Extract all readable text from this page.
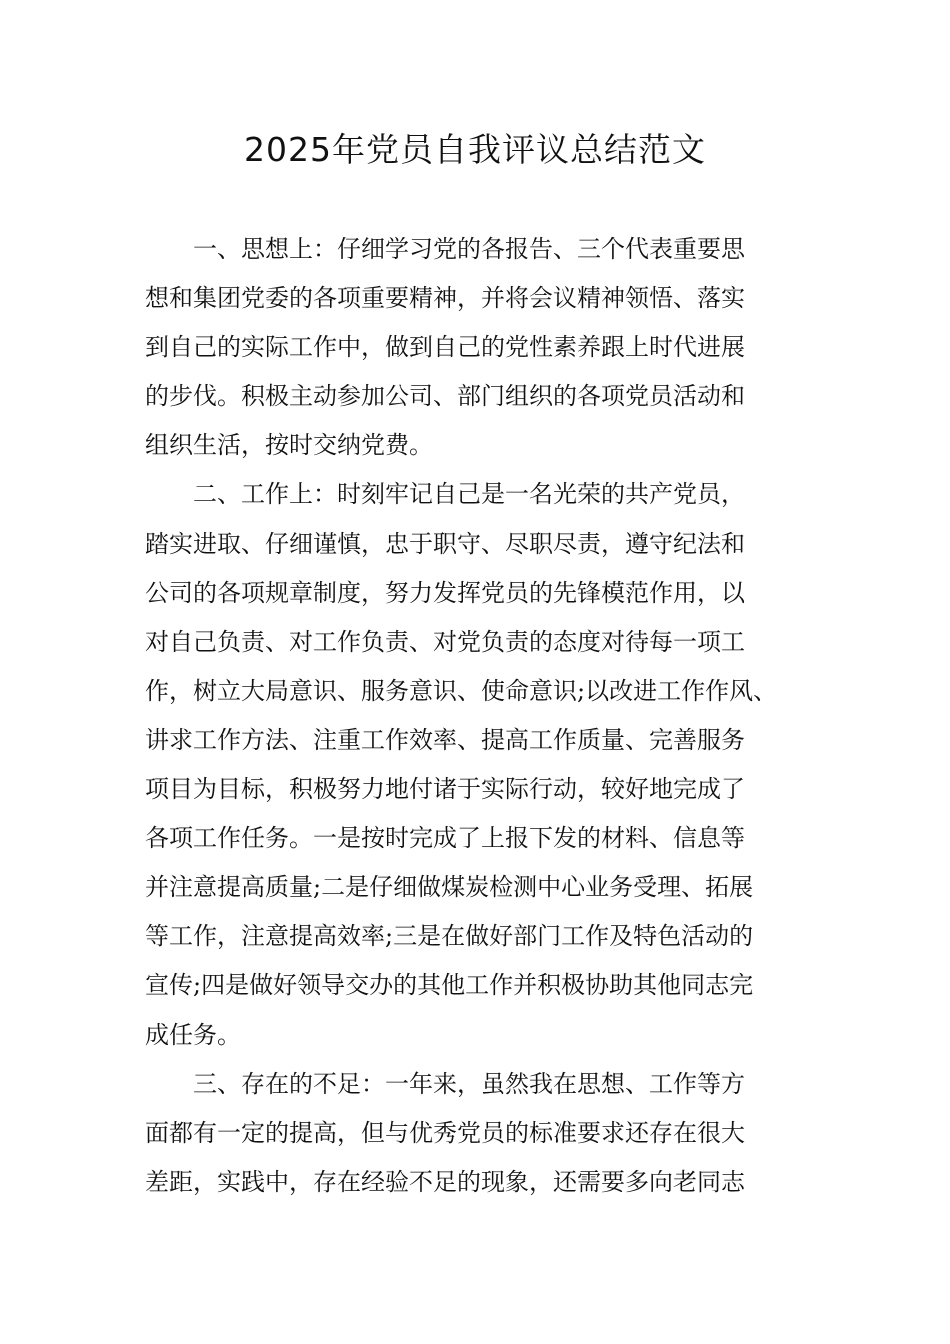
2025年党员自我评议总结范文
一、思想上：仔细学习党的各报告、三个代表重要思
想和集团党委的各项重要精神，并将会议精神领悟、落实
到自己的实际工作中，做到自己的党性素养跟上时代进展
的步伐。积极主动参加公司、部门组织的各项党员活动和
组织生活，按时交纳党费。
二、工作上：时刻牢记自己是一名光荣的共产党员，
踏实进取、仔细谨慎，忠于职守、尽职尽责，遵守纪法和
公司的各项规章制度，努力发挥党员的先锋模范作用，以
对自己负责、对工作负责、对党负责的态度对待每一项工
作，树立大局意识、服务意识、使命意识;以改进工作作风、
讲求工作方法、注重工作效率、提高工作质量、完善服务
项目为目标，积极努力地付诸于实际行动，较好地完成了
各项工作任务。一是按时完成了上报下发的材料、信息等
并注意提高质量;二是仔细做煤炭检测中心业务受理、拓展
等工作，注意提高效率;三是在做好部门工作及特色活动的
宣传;四是做好领导交办的其他工作并积极协助其他同志完
成任务。
三、存在的不足：一年来，虽然我在思想、工作等方
面都有一定的提高，但与优秀党员的标准要求还存在很大
差距，实践中，存在经验不足的现象，还需要多向老同志
